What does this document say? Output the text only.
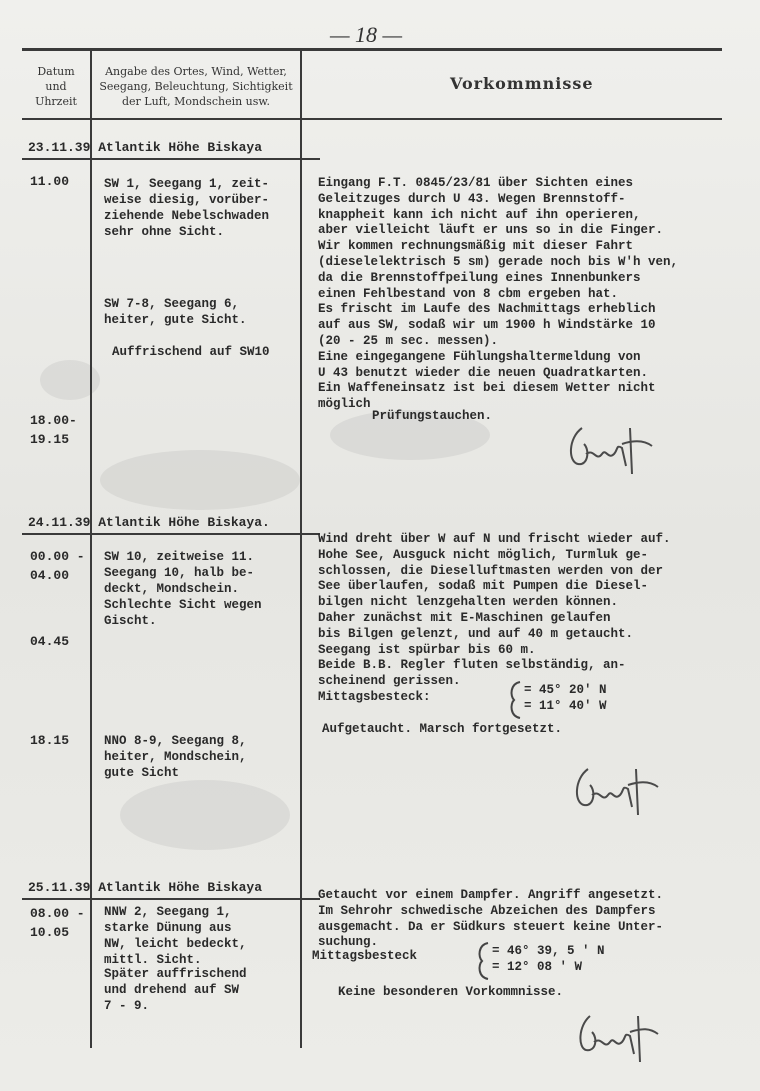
— 18 —
Datum
und
Uhrzeit
Angabe des Ortes, Wind, Wetter,
Seegang, Beleuchtung, Sichtigkeit
der Luft, Mondschein usw.
Vorkommnisse
23.11.39 Atlantik Höhe Biskaya
11.00
18.00-
19.15
SW 1, Seegang 1, zeit-
weise diesig, vorüber-
ziehende Nebelschwaden
sehr ohne Sicht.
SW 7-8, Seegang 6,
heiter, gute Sicht.
Auffrischend auf SW10
Eingang F.T. 0845/23/81 über Sichten eines
Geleitzuges durch U 43. Wegen Brennstoff-
knappheit kann ich nicht auf ihn operieren,
aber vielleicht läuft er uns so in die Finger.
Wir kommen rechnungsmäßig mit dieser Fahrt
(dieselelektrisch 5 sm) gerade noch bis W'h ven,
da die Brennstoffpeilung eines Innenbunkers
einen Fehlbestand von 8 cbm ergeben hat.
Es frischt im Laufe des Nachmittags erheblich
auf aus SW, sodaß wir um 1900 h Windstärke 10
(20 - 25 m sec. messen).
Eine eingegangene Fühlungshaltermeldung von
U 43 benutzt wieder die neuen Quadratkarten.
Ein Waffeneinsatz ist bei diesem Wetter nicht
möglich
Prüfungstauchen.
24.11.39 Atlantik Höhe Biskaya.
00.00 -
04.00
04.45
18.15
SW 10, zeitweise 11.
Seegang 10, halb be-
deckt, Mondschein.
Schlechte Sicht wegen
Gischt.
NNO 8-9, Seegang 8,
heiter, Mondschein,
gute Sicht
Wind dreht über W auf N und frischt wieder auf.
Hohe See, Ausguck nicht möglich, Turmluk ge-
schlossen, die Dieselluftmasten werden von der
See überlaufen, sodaß mit Pumpen die Diesel-
bilgen nicht lenzgehalten werden können.
Daher zunächst mit E-Maschinen gelaufen
bis Bilgen gelenzt, und auf 40 m getaucht.
Seegang ist spürbar bis 60 m.
Beide B.B. Regler fluten selbständig, an-
scheinend gerissen.
Mittagsbesteck:	= 45° 20' N
= 11° 40' W
Aufgetaucht. Marsch fortgesetzt.
25.11.39 Atlantik Höhe Biskaya
08.00 -
10.05
NNW 2, Seegang 1,
starke Dünung aus
NW, leicht bedeckt,
mittl. Sicht.
Später auffrischend
und drehend auf SW
7 - 9.
Getaucht vor einem Dampfer. Angriff angesetzt.
Im Sehrohr schwedische Abzeichen des Dampfers
ausgemacht. Da er Südkurs steuert keine Unter-
suchung.
Mittagsbesteck	= 46° 39, 5 ' N
= 12° 08 ' W
Keine besonderen Vorkommnisse.
